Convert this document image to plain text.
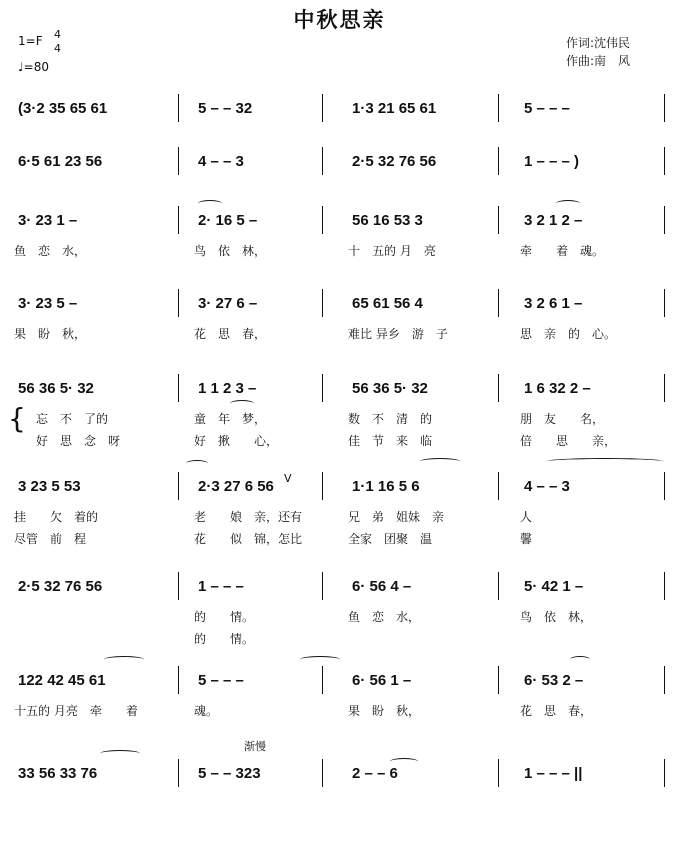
中秋思亲
1=F 4
4
♩=80
作词:沈伟民
作曲:南　风
(3·2 35 65 61	5 – – 32	1·3 21 65 61	5 – – –
6·5 61 23 56	4 – – 3	2·5 32 76 56	1 – – – )
3· 23 1 –	2· 16 5 –	56 16 53 3	3 2 1 2 –
鱼　恋　水，	鸟　依　林，	十　五的 月　亮	牵　　着　魂。
3· 23 5 –	3· 27 6 –	65 61 56 4	3 2 6 1 –
果　盼　秋，	花　思　春，	难比 异乡　游　子	思　亲　的　心。
56 36 5· 32	1 1 2 3 –	56 36 5· 32	1 6 32 2 –
忘　不　了的	童　年　梦，	数　不　清　的	朋　友　　名，
好　思　念　呀	好　揪　　心，	佳　节　来　临	倍　　思　　亲，
3 23 5 53	2·3 27 6 56	1·1 16 5 6	4 – – 3
挂　　欠　着的	老　　娘　亲，还有	兄　弟　姐妹　亲	人
尽管　前　程	花　　似　锦，怎比	全家　团聚　温	馨
2·5 32 76 56	1 – – –	6· 56 4 –	5· 42 1 –
的　　情。	鱼　恋　水，	鸟　依　林，
的　　情。
122 42 45 61	5 – – –	6· 56 1 –	6· 53 2 –
十五的 月亮　牵　　着	魂。	果　盼　秋，	花　思　春，
33 56 33 76	5 – – 323	2 – – 6	1 – – – ||
渐慢
V
{
